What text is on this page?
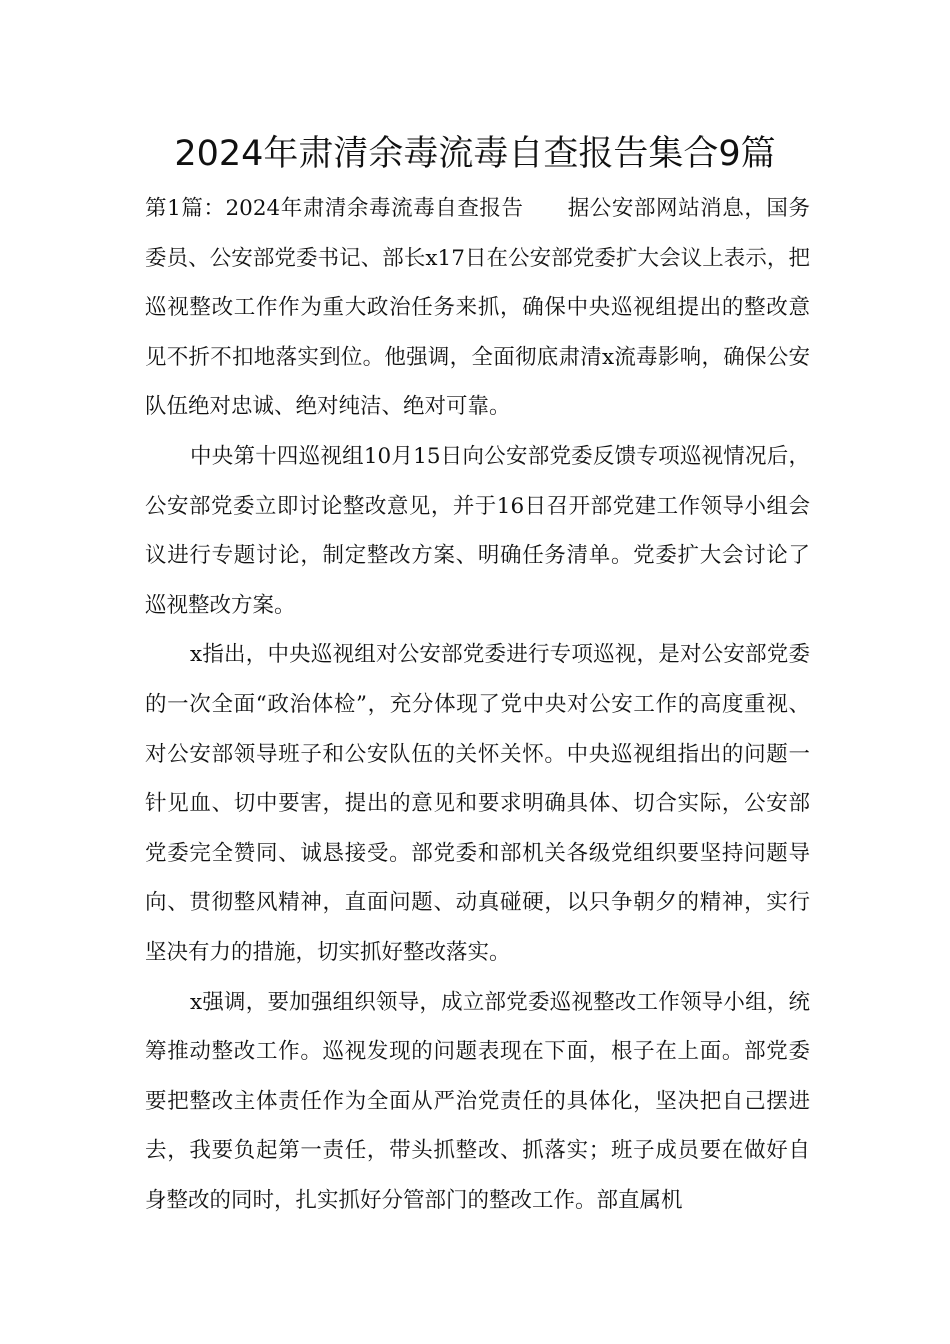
2024年肃清余毒流毒自查报告集合9篇

第1篇：2024年肃清余毒流毒自查报告　　 据公安部网站消息，国务委员、公安部党委书记、部长x17日在公安部党委扩大会议上表示，把巡视整改工作作为重大政治任务来抓，确保中央巡视组提出的整改意见不折不扣地落实到位。他强调，全面彻底肃清x流毒影响，确保公安队伍绝对忠诚、绝对纯洁、绝对可靠。

中央第十四巡视组10月15日向公安部党委反馈专项巡视情况后，公安部党委立即讨论整改意见，并于16日召开部党建工作领导小组会议进行专题讨论，制定整改方案、明确任务清单。党委扩大会讨论了巡视整改方案。

x指出，中央巡视组对公安部党委进行专项巡视，是对公安部党委的一次全面“政治体检”，充分体现了党中央对公安工作的高度重视、对公安部领导班子和公安队伍的关怀关怀。中央巡视组指出的问题一针见血、切中要害，提出的意见和要求明确具体、切合实际，公安部党委完全赞同、诚恳接受。部党委和部机关各级党组织要坚持问题导向、贯彻整风精神，直面问题、动真碰硬，以只争朝夕的精神，实行坚决有力的措施，切实抓好整改落实。

x强调，要加强组织领导，成立部党委巡视整改工作领导小组，统筹推动整改工作。巡视发现的问题表现在下面，根子在上面。部党委要把整改主体责任作为全面从严治党责任的具体化，坚决把自己摆进去，我要负起第一责任，带头抓整改、抓落实；班子成员要在做好自身整改的同时，扎实抓好分管部门的整改工作。部直属机
